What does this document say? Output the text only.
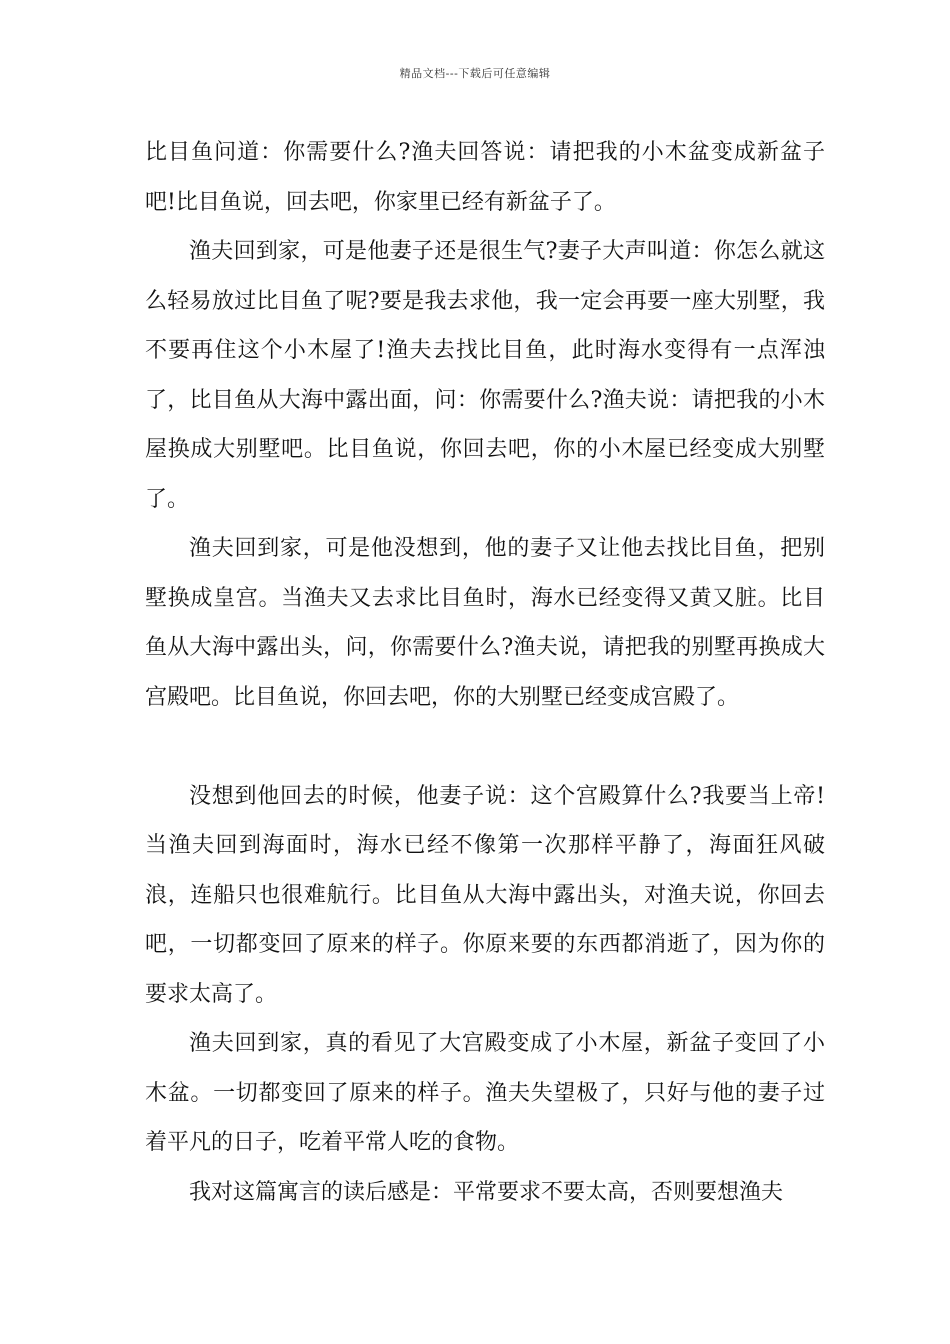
精品文档---下载后可任意编辑

比目鱼问道：你需要什么?渔夫回答说：请把我的小木盆变成新盆子吧!比目鱼说，回去吧，你家里已经有新盆子了。

渔夫回到家，可是他妻子还是很生气?妻子大声叫道：你怎么就这么轻易放过比目鱼了呢?要是我去求他，我一定会再要一座大别墅，我不要再住这个小木屋了!渔夫去找比目鱼，此时海水变得有一点浑浊了，比目鱼从大海中露出面，问：你需要什么?渔夫说：请把我的小木屋换成大别墅吧。比目鱼说，你回去吧，你的小木屋已经变成大别墅了。

渔夫回到家，可是他没想到，他的妻子又让他去找比目鱼，把别墅换成皇宫。当渔夫又去求比目鱼时，海水已经变得又黄又脏。比目鱼从大海中露出头，问，你需要什么?渔夫说，请把我的别墅再换成大宫殿吧。比目鱼说，你回去吧，你的大别墅已经变成宫殿了。

没想到他回去的时候，他妻子说：这个宫殿算什么?我要当上帝!当渔夫回到海面时，海水已经不像第一次那样平静了，海面狂风破浪，连船只也很难航行。比目鱼从大海中露出头，对渔夫说，你回去吧，一切都变回了原来的样子。你原来要的东西都消逝了，因为你的要求太高了。

渔夫回到家，真的看见了大宫殿变成了小木屋，新盆子变回了小木盆。一切都变回了原来的样子。渔夫失望极了，只好与他的妻子过着平凡的日子，吃着平常人吃的食物。

我对这篇寓言的读后感是：平常要求不要太高，否则要想渔夫
